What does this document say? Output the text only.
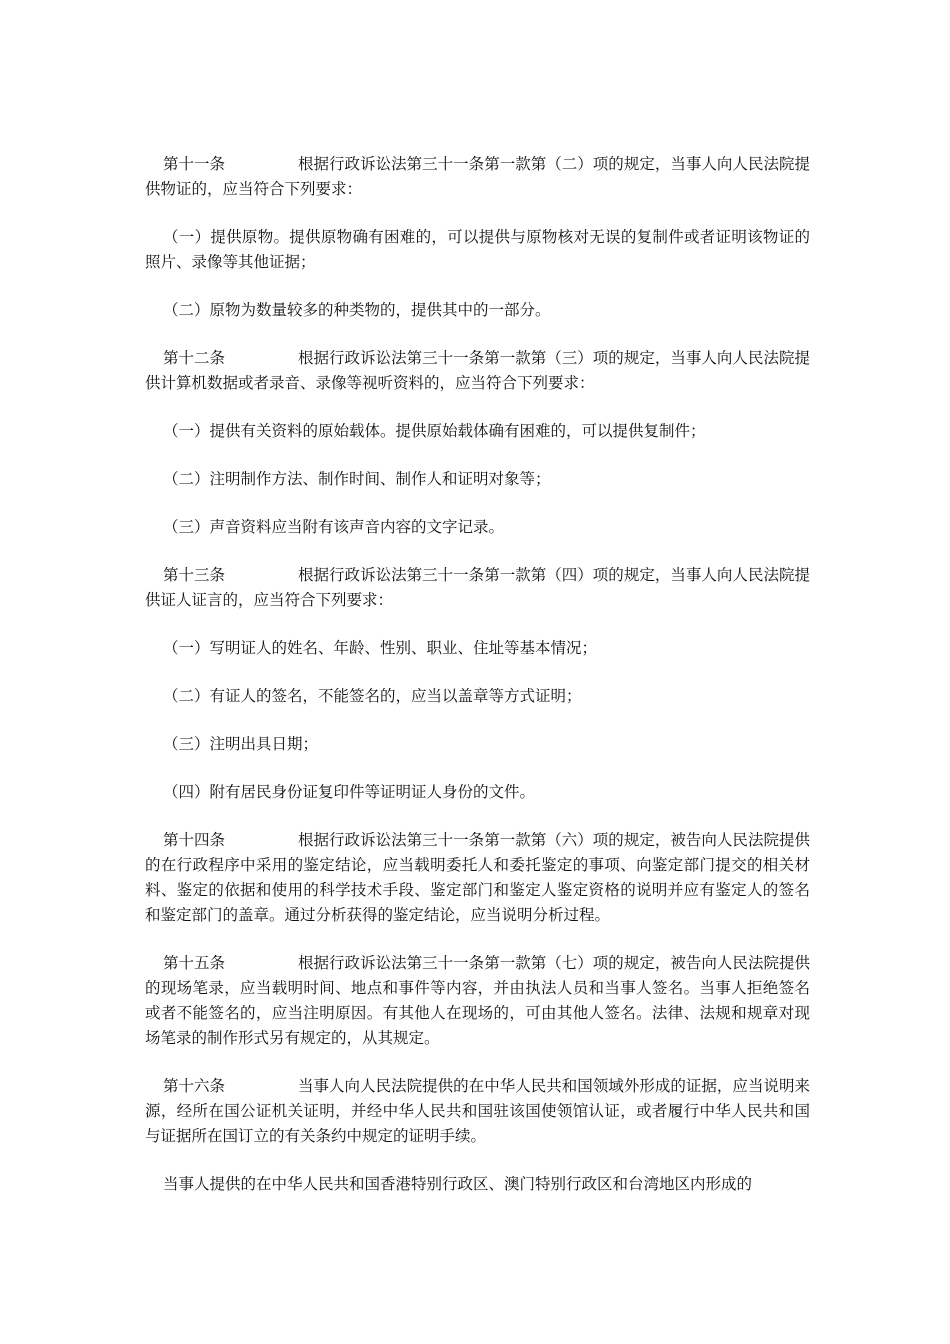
第十一条	根据行政诉讼法第三十一条第一款第（二）项的规定，当事人向人民法院提供物证的，应当符合下列要求：

（一）提供原物。提供原物确有困难的，可以提供与原物核对无误的复制件或者证明该物证的照片、录像等其他证据；

（二）原物为数量较多的种类物的，提供其中的一部分。

第十二条	根据行政诉讼法第三十一条第一款第（三）项的规定，当事人向人民法院提供计算机数据或者录音、录像等视听资料的，应当符合下列要求：

（一）提供有关资料的原始载体。提供原始载体确有困难的，可以提供复制件；

（二）注明制作方法、制作时间、制作人和证明对象等；

（三）声音资料应当附有该声音内容的文字记录。

第十三条	根据行政诉讼法第三十一条第一款第（四）项的规定，当事人向人民法院提供证人证言的，应当符合下列要求：

（一）写明证人的姓名、年龄、性别、职业、住址等基本情况；

（二）有证人的签名，不能签名的，应当以盖章等方式证明；

（三）注明出具日期；

（四）附有居民身份证复印件等证明证人身份的文件。

第十四条	根据行政诉讼法第三十一条第一款第（六）项的规定，被告向人民法院提供的在行政程序中采用的鉴定结论，应当载明委托人和委托鉴定的事项、向鉴定部门提交的相关材料、鉴定的依据和使用的科学技术手段、鉴定部门和鉴定人鉴定资格的说明并应有鉴定人的签名和鉴定部门的盖章。通过分析获得的鉴定结论，应当说明分析过程。

第十五条	根据行政诉讼法第三十一条第一款第（七）项的规定，被告向人民法院提供的现场笔录，应当载明时间、地点和事件等内容，并由执法人员和当事人签名。当事人拒绝签名或者不能签名的，应当注明原因。有其他人在现场的，可由其他人签名。法律、法规和规章对现场笔录的制作形式另有规定的，从其规定。

第十六条	当事人向人民法院提供的在中华人民共和国领域外形成的证据，应当说明来源，经所在国公证机关证明，并经中华人民共和国驻该国使领馆认证，或者履行中华人民共和国与证据所在国订立的有关条约中规定的证明手续。

当事人提供的在中华人民共和国香港特别行政区、澳门特别行政区和台湾地区内形成的
